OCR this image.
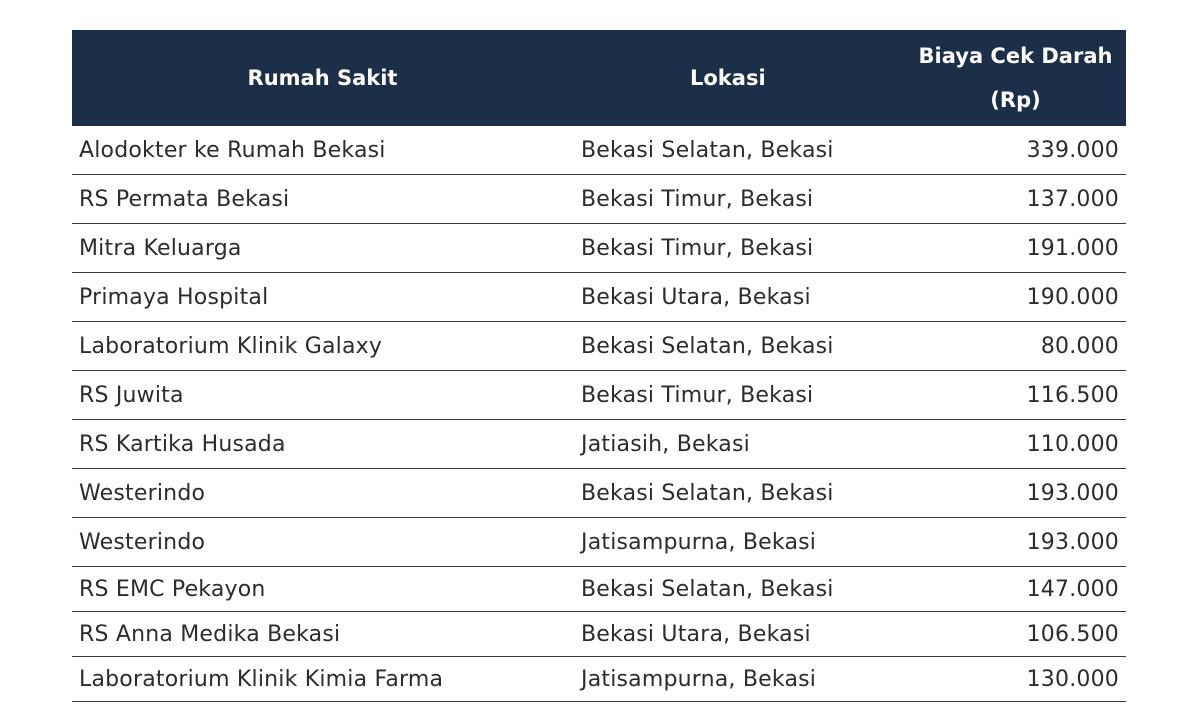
Rumah Sakit	Lokasi	Biaya Cek Darah
(Rp)
Alodokter ke Rumah Bekasi	Bekasi Selatan, Bekasi	339.000
RS Permata Bekasi	Bekasi Timur, Bekasi	137.000
Mitra Keluarga	Bekasi Timur, Bekasi	191.000
Primaya Hospital	Bekasi Utara, Bekasi	190.000
Laboratorium Klinik Galaxy	Bekasi Selatan, Bekasi	80.000
RS Juwita	Bekasi Timur, Bekasi	116.500
RS Kartika Husada	Jatiasih, Bekasi	110.000
Westerindo	Bekasi Selatan, Bekasi	193.000
Westerindo	Jatisampurna, Bekasi	193.000
RS EMC Pekayon	Bekasi Selatan, Bekasi	147.000
RS Anna Medika Bekasi	Bekasi Utara, Bekasi	106.500
Laboratorium Klinik Kimia Farma	Jatisampurna, Bekasi	130.000
